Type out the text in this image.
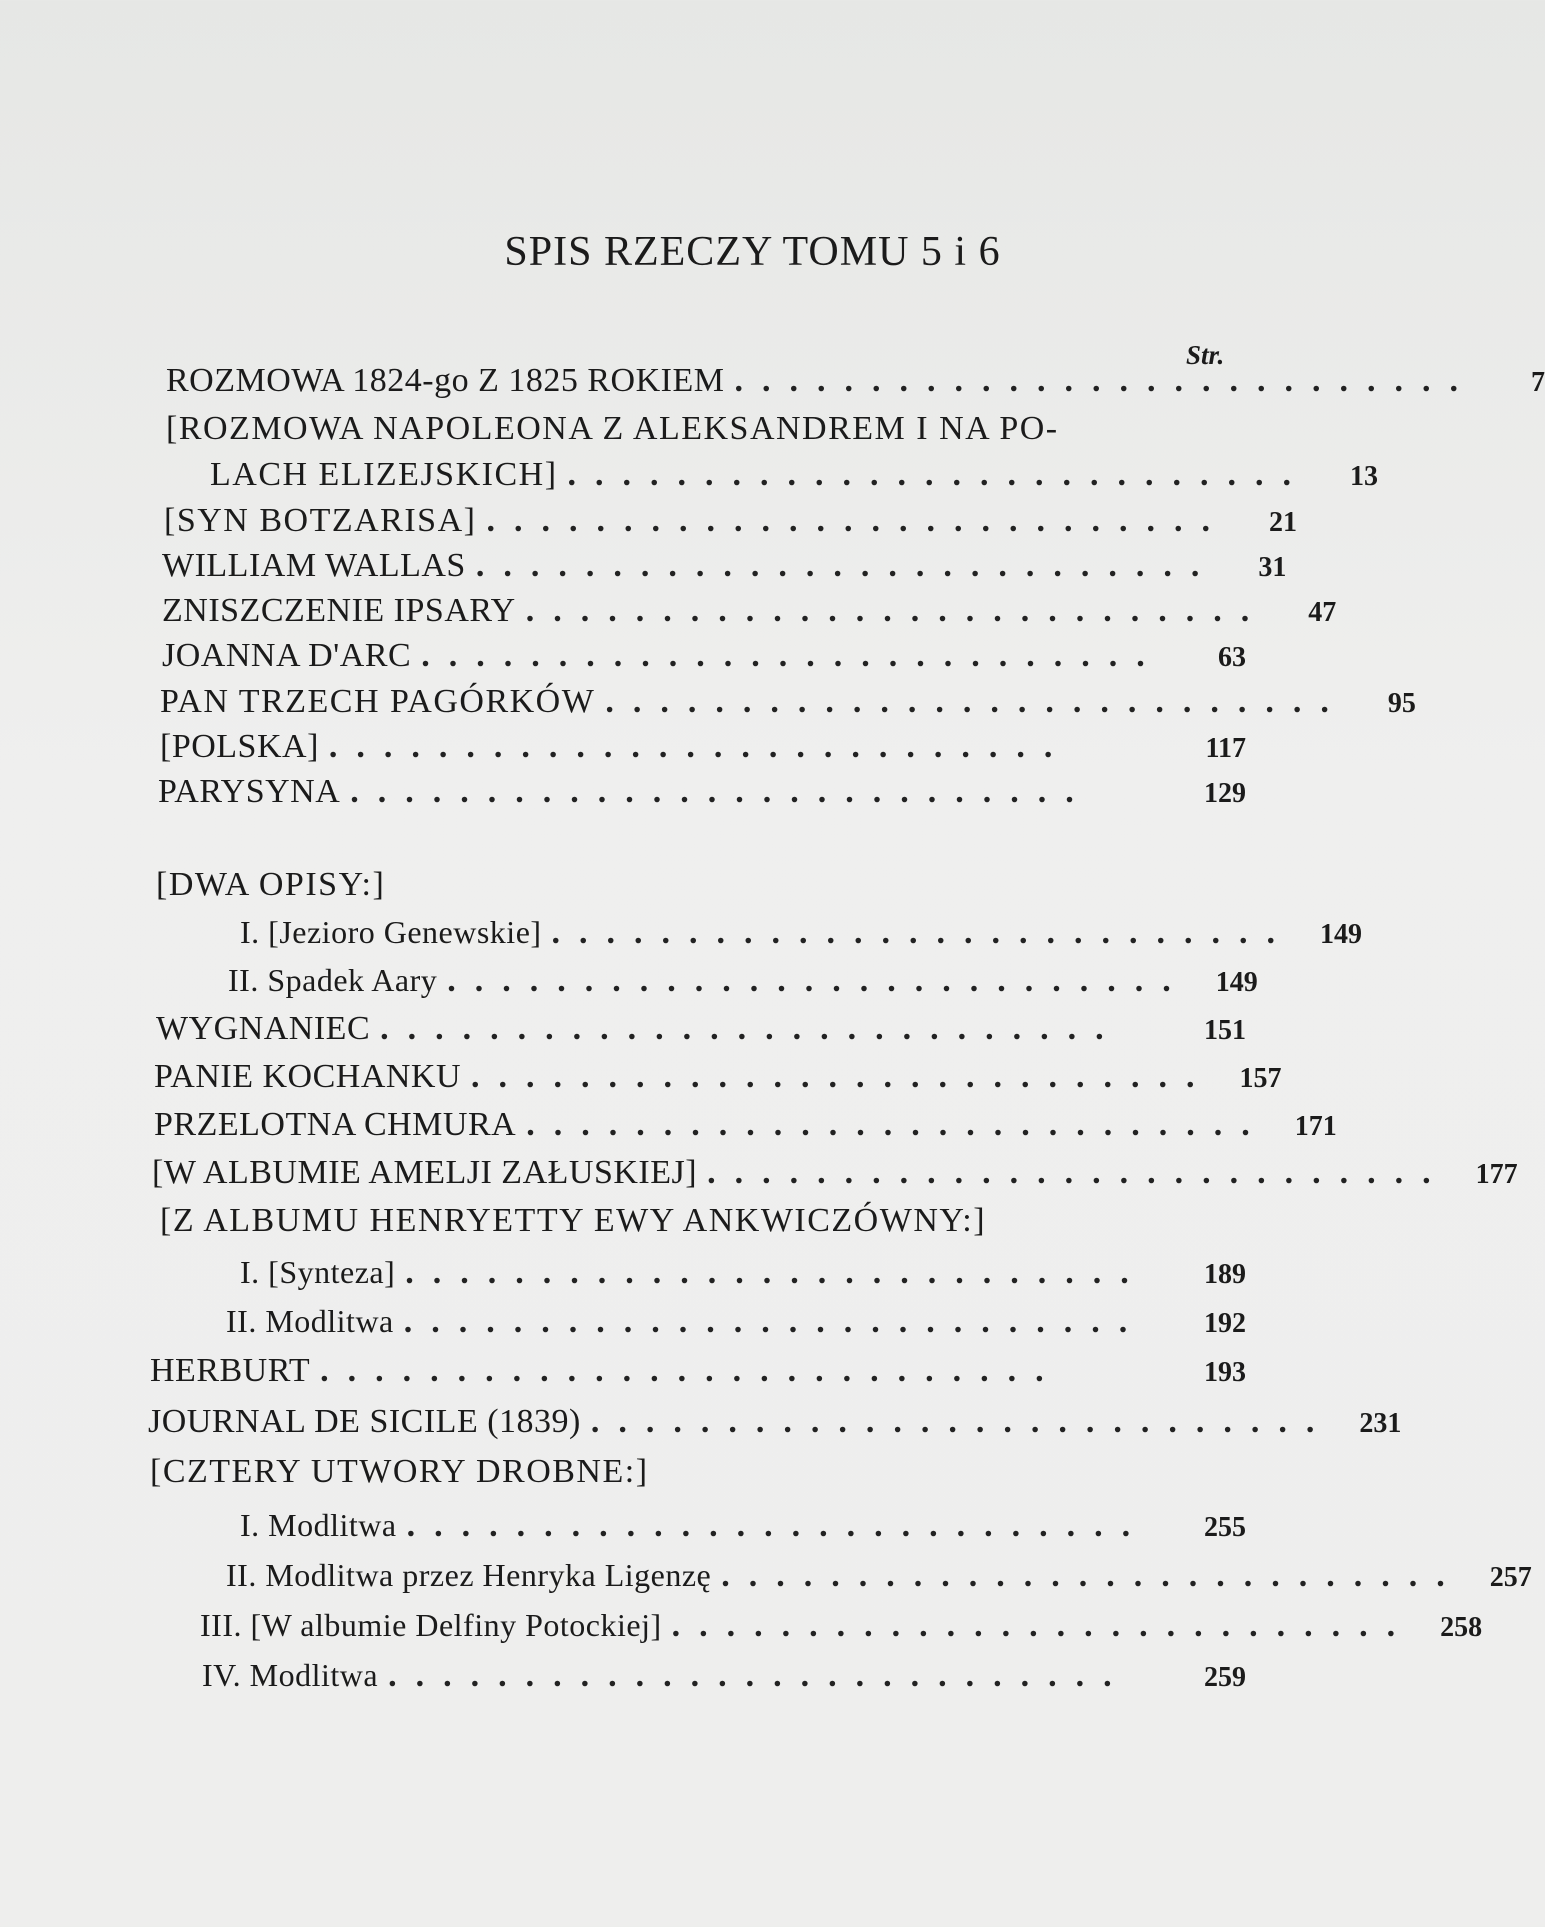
SPIS RZECZY TOMU 5 i 6
Str.
ROZMOWA 1824-go Z 1825 ROKIEM ...........................	7
[ROZMOWA NAPOLEONA Z ALEKSANDREM I NA PO-
LACH ELIZEJSKICH] ...........................	13
[SYN BOTZARISA] ...........................	21
WILLIAM WALLAS ...........................	31
ZNISZCZENIE IPSARY ...........................	47
JOANNA D'ARC ...........................	63
PAN TRZECH PAGÓRKÓW ...........................	95
[POLSKA] ...........................	117
PARYSYNA ...........................	129
[DWA OPISY:]
I. [Jezioro Genewskie] ........................... 149
II. Spadek Aary ........................... 149
WYGNANIEC ...........................	151
PANIE KOCHANKU ........................... 157
PRZELOTNA CHMURA ........................... 171
[W ALBUMIE AMELJI ZAŁUSKIEJ] ........................... 177
[Z ALBUMU HENRYETTY EWY ANKWICZÓWNY:]
I. [Synteza] ...........................	189
II. Modlitwa ...........................	192
HERBURT ...........................	193
JOURNAL DE SICILE (1839) ........................... 231
[CZTERY UTWORY DROBNE:]
I. Modlitwa ...........................	255
II. Modlitwa przez Henryka Ligenzę ........................... 257
III. [W albumie Delfiny Potockiej] ........................... 258
IV. Modlitwa ...........................	259
